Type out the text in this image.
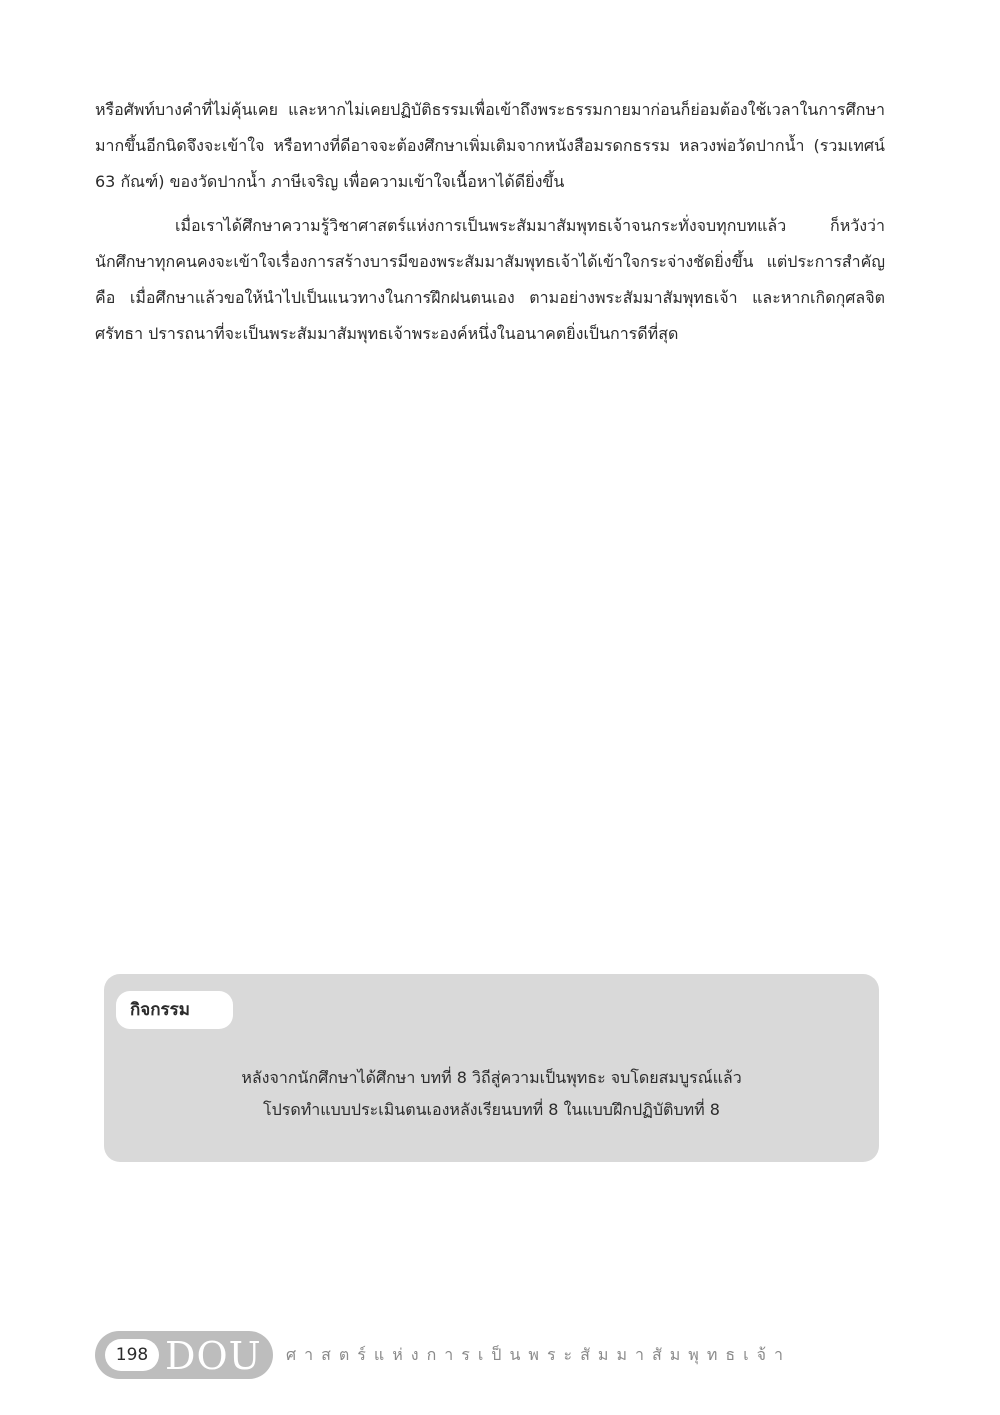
หรือศัพท์บางคำที่ไม่คุ้นเคย และหากไม่เคยปฏิบัติธรรมเพื่อเข้าถึงพระธรรมกายมาก่อนก็ย่อมต้องใช้เวลาในการศึกษามากขึ้นอีกนิดจึงจะเข้าใจ หรือทางที่ดีอาจจะต้องศึกษาเพิ่มเติมจากหนังสือมรดกธรรม หลวงพ่อวัดปากน้ำ (รวมเทศน์ 63 กัณฑ์) ของวัดปากน้ำ ภาษีเจริญ เพื่อความเข้าใจเนื้อหาได้ดียิ่งขึ้น

เมื่อเราได้ศึกษาความรู้วิชาศาสตร์แห่งการเป็นพระสัมมาสัมพุทธเจ้าจนกระทั่งจบทุกบทแล้ว ก็หวังว่า นักศึกษาทุกคนคงจะเข้าใจเรื่องการสร้างบารมีของพระสัมมาสัมพุทธเจ้าได้เข้าใจกระจ่างชัดยิ่งขึ้น แต่ประการสำคัญ คือ เมื่อศึกษาแล้วขอให้นำไปเป็นแนวทางในการฝึกฝนตนเอง ตามอย่างพระสัมมาสัมพุทธเจ้า และหากเกิดกุศลจิตศรัทธา ปรารถนาที่จะเป็นพระสัมมาสัมพุทธเจ้าพระองค์หนึ่งในอนาคตยิ่งเป็นการดีที่สุด

กิจกรรม
หลังจากนักศึกษาได้ศึกษา บทที่ 8 วิถีสู่ความเป็นพุทธะ จบโดยสมบูรณ์แล้ว
โปรดทำแบบประเมินตนเองหลังเรียนบทที่ 8 ในแบบฝึกปฏิบัติบทที่ 8
198 DOU ศาสตร์แห่งการเป็นพระสัมมาสัมพุทธเจ้า
